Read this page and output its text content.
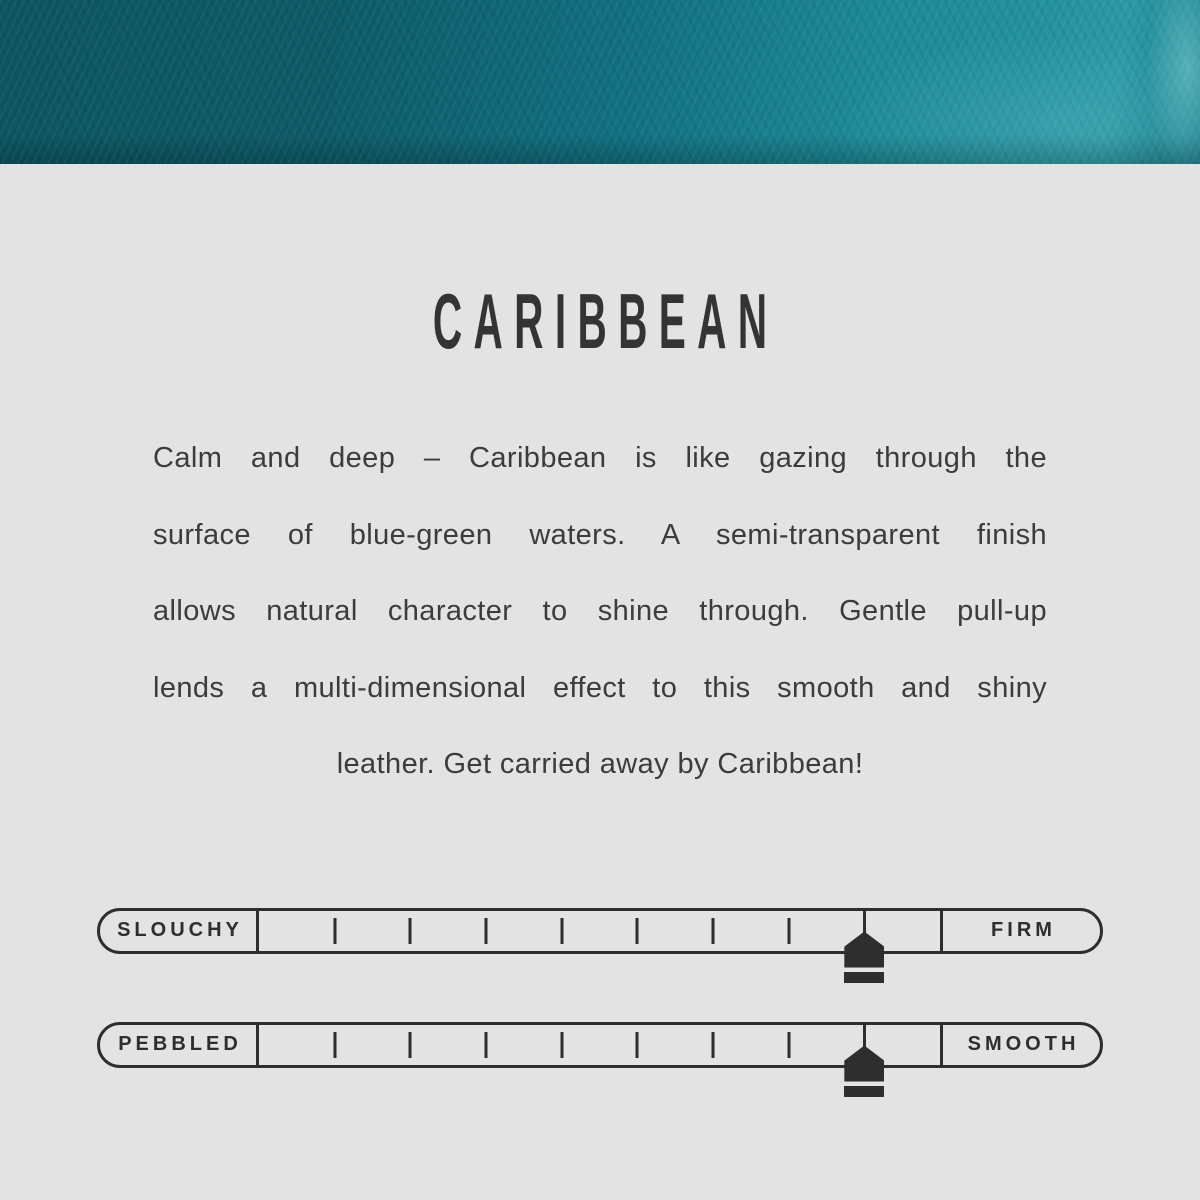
CARIBBEAN
Calm and deep – Caribbean is like gazing through the
surface of blue-green waters. A semi-transparent finish
allows natural character to shine through. Gentle pull-up
lends a multi-dimensional effect to this smooth and shiny
leather. Get carried away by Caribbean!
SLOUCHY	FIRM
PEBBLED	SMOOTH
